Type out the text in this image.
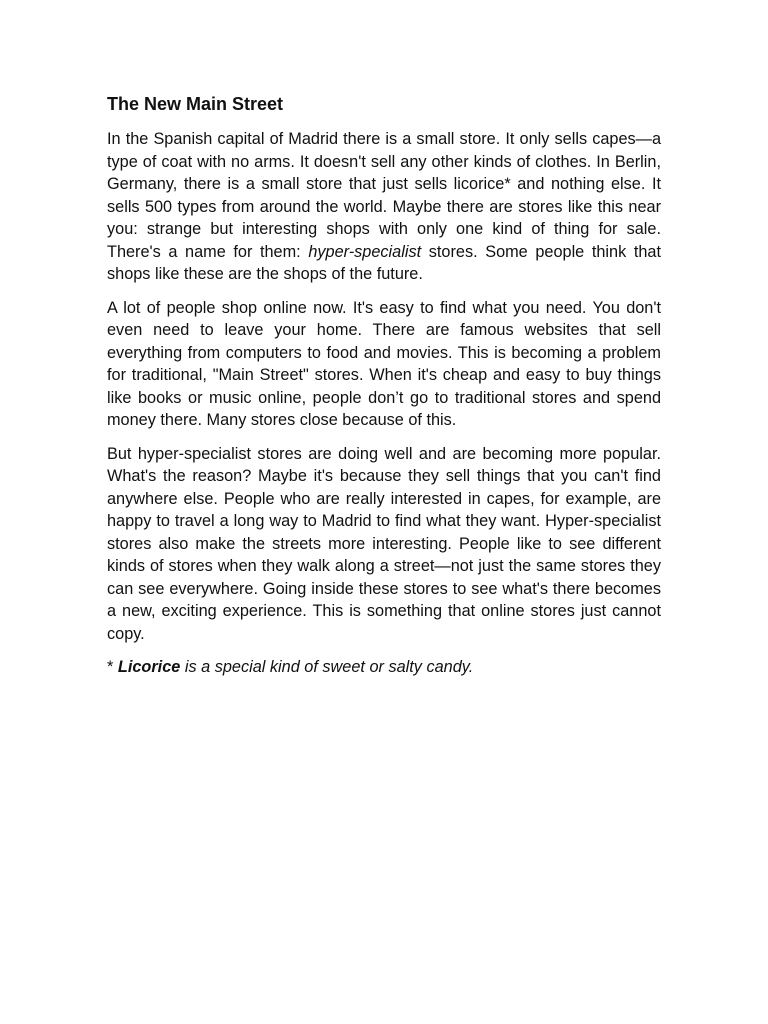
The New Main Street

In the Spanish capital of Madrid there is a small store. It only sells capes—a type of coat with no arms. It doesn't sell any other kinds of clothes. In Berlin, Germany, there is a small store that just sells licorice* and nothing else. It sells 500 types from around the world. Maybe there are stores like this near you: strange but interesting shops with only one kind of thing for sale. There's a name for them: hyper-specialist stores. Some people think that shops like these are the shops of the future.

A lot of people shop online now. It's easy to find what you need. You don't even need to leave your home. There are famous websites that sell everything from computers to food and movies. This is becoming a problem for traditional, "Main Street" stores. When it's cheap and easy to buy things like books or music online, people don’t go to traditional stores and spend money there. Many stores close because of this.

But hyper-specialist stores are doing well and are becoming more popular. What's the reason? Maybe it's because they sell things that you can't find anywhere else. People who are really interested in capes, for example, are happy to travel a long way to Madrid to find what they want. Hyper-specialist stores also make the streets more interesting. People like to see different kinds of stores when they walk along a street—not just the same stores they can see everywhere. Going inside these stores to see what's there becomes a new, exciting experience. This is something that online stores just cannot copy.

* Licorice is a special kind of sweet or salty candy.
